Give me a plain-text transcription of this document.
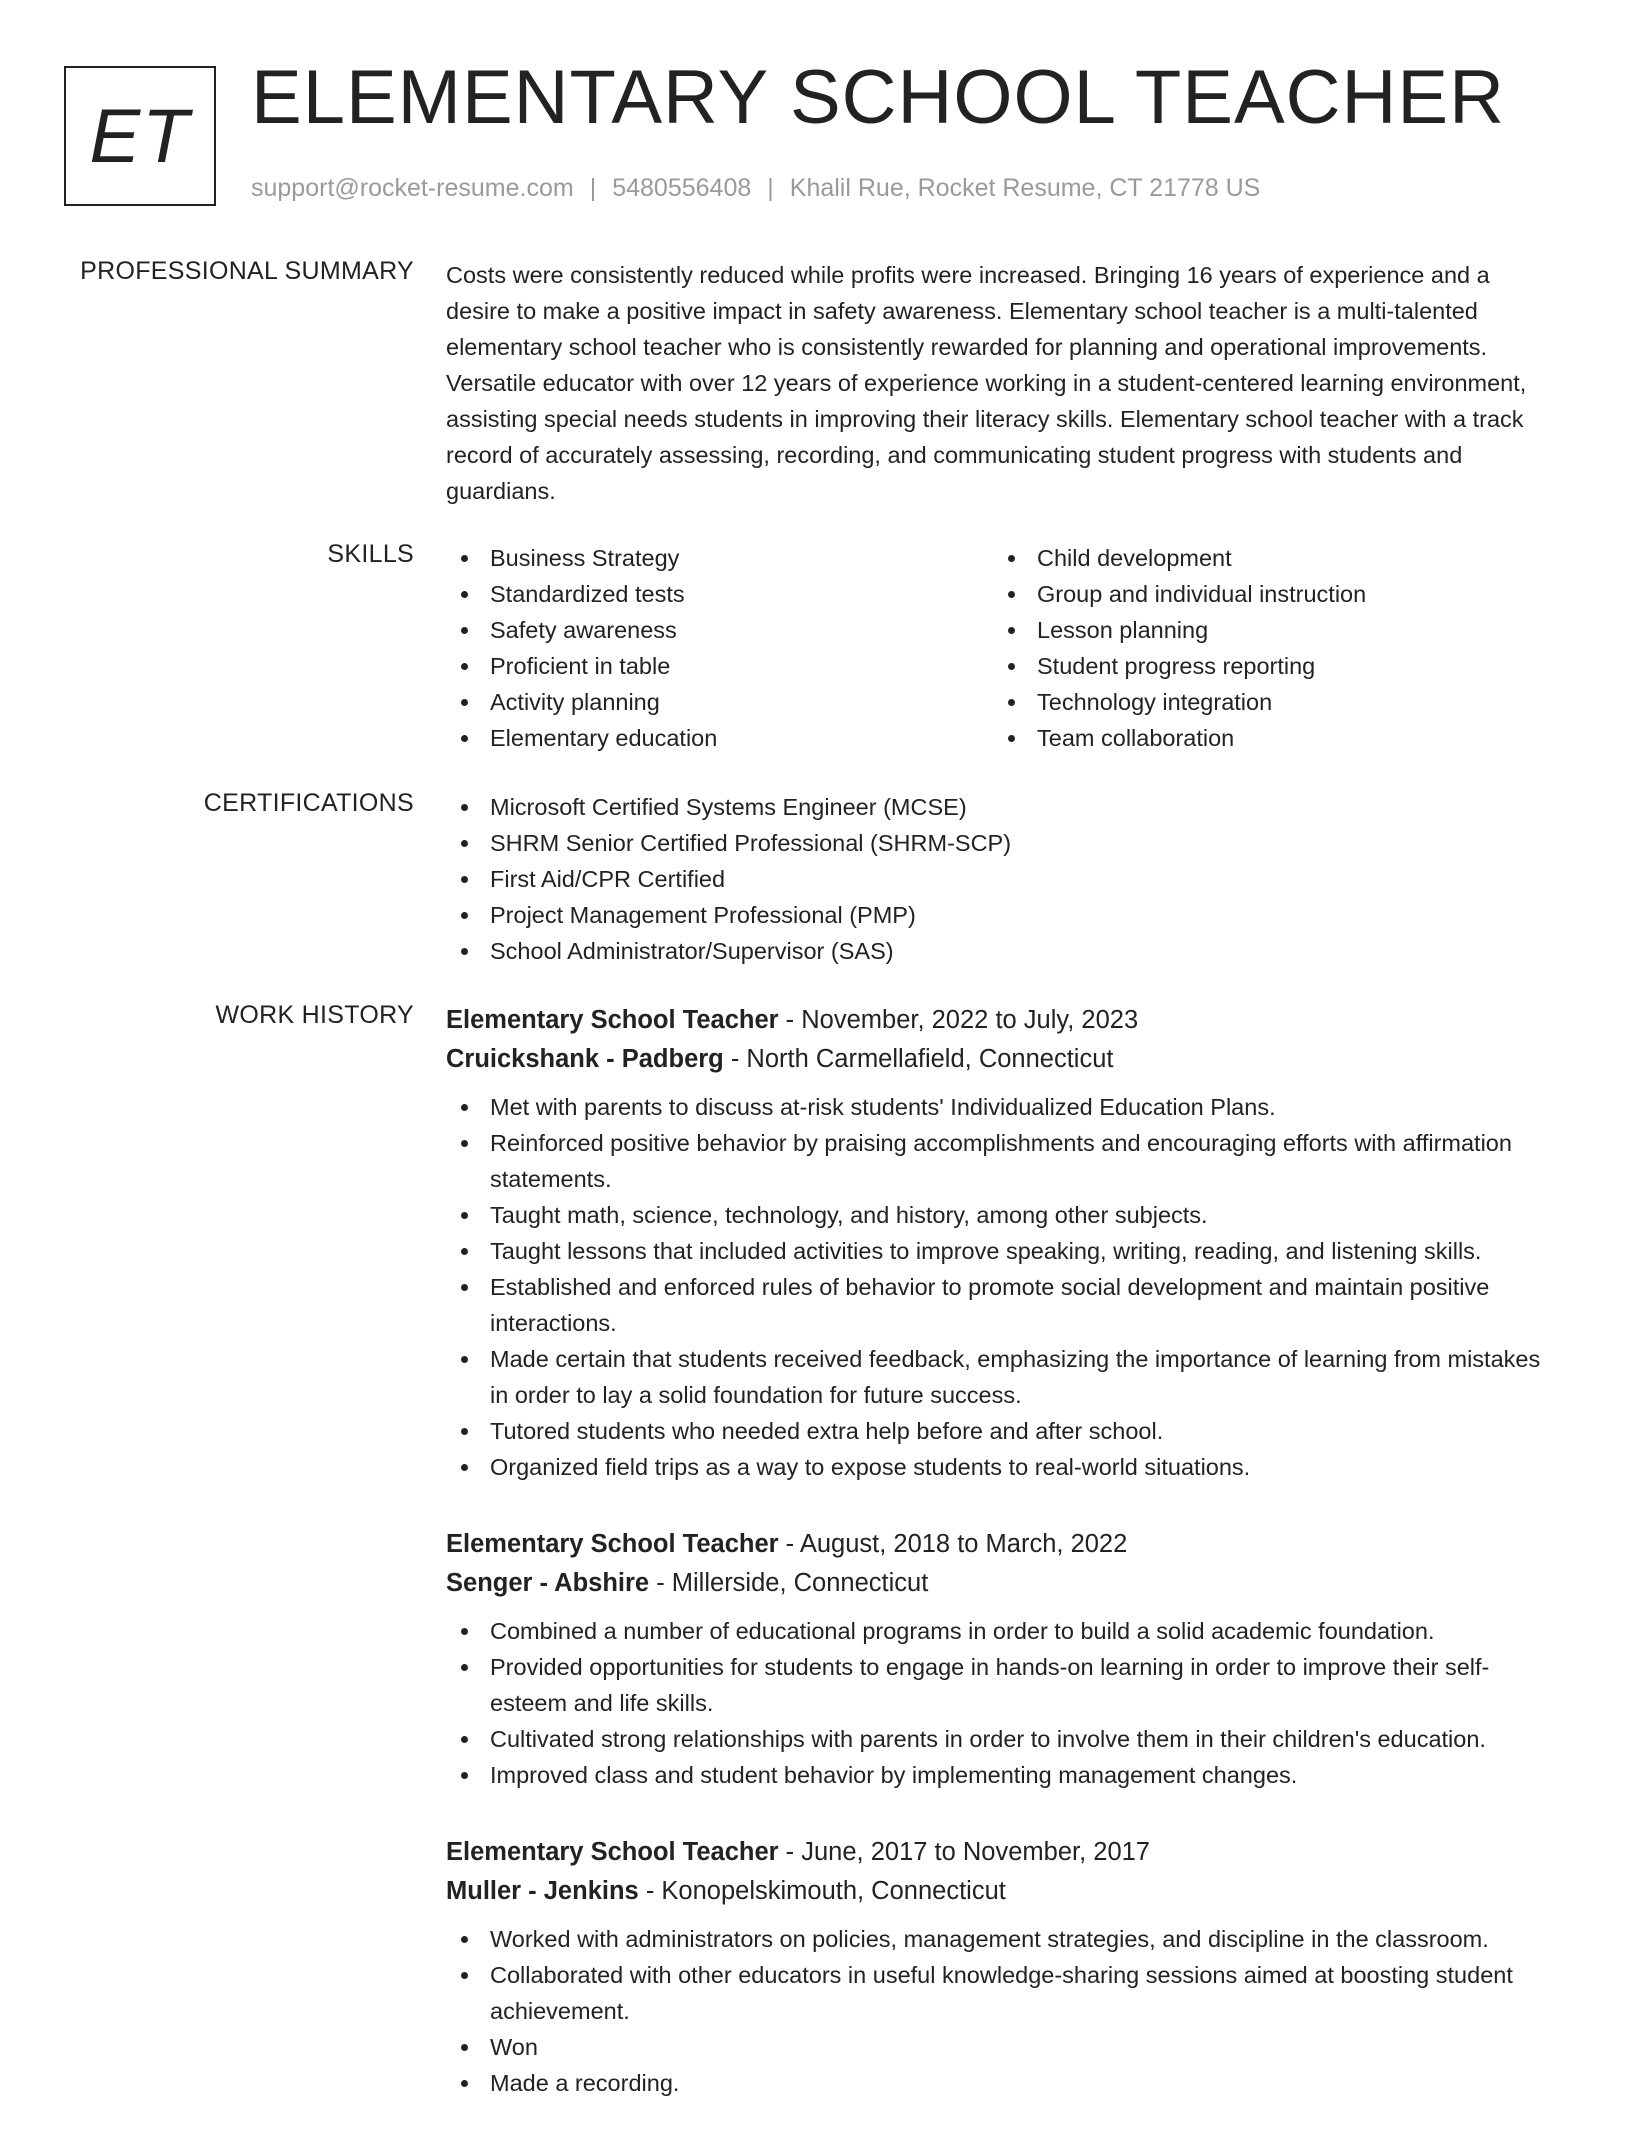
ET ELEMENTARY SCHOOL TEACHER
support@rocket-resume.com | 5480556408 | Khalil Rue, Rocket Resume, CT 21778 US
PROFESSIONAL SUMMARY Costs were consistently reduced while profits were increased. Bringing 16 years of experience and a desire to make a positive impact in safety awareness. Elementary school teacher is a multi-talented elementary school teacher who is consistently rewarded for planning and operational improvements. Versatile educator with over 12 years of experience working in a student-centered learning environment, assisting special needs students in improving their literacy skills. Elementary school teacher with a track record of accurately assessing, recording, and communicating student progress with students and guardians.
SKILLS	Business Strategy
Standardized tests
Safety awareness
Proficient in table
Activity planning
Elementary education
Child development
Group and individual instruction
Lesson planning
Student progress reporting
Technology integration
Team collaboration
CERTIFICATIONS	Microsoft Certified Systems Engineer (MCSE)
SHRM Senior Certified Professional (SHRM-SCP)
First Aid/CPR Certified
Project Management Professional (PMP)
School Administrator/Supervisor (SAS)
WORK HISTORY Elementary School Teacher - November, 2022 to July, 2023
Cruickshank - Padberg - North Carmellafield, Connecticut
Met with parents to discuss at-risk students' Individualized Education Plans.
Reinforced positive behavior by praising accomplishments and encouraging efforts with affirmation statements.
Taught math, science, technology, and history, among other subjects.
Taught lessons that included activities to improve speaking, writing, reading, and listening skills.
Established and enforced rules of behavior to promote social development and maintain positive interactions.
Made certain that students received feedback, emphasizing the importance of learning from mistakes in order to lay a solid foundation for future success.
Tutored students who needed extra help before and after school.
Organized field trips as a way to expose students to real-world situations.
Elementary School Teacher - August, 2018 to March, 2022
Senger - Abshire - Millerside, Connecticut
Combined a number of educational programs in order to build a solid academic foundation.
Provided opportunities for students to engage in hands-on learning in order to improve their self-esteem and life skills.
Cultivated strong relationships with parents in order to involve them in their children's education.
Improved class and student behavior by implementing management changes.
Elementary School Teacher - June, 2017 to November, 2017
Muller - Jenkins - Konopelskimouth, Connecticut
Worked with administrators on policies, management strategies, and discipline in the classroom.
Collaborated with other educators in useful knowledge-sharing sessions aimed at boosting student achievement.
Won
Made a recording.
